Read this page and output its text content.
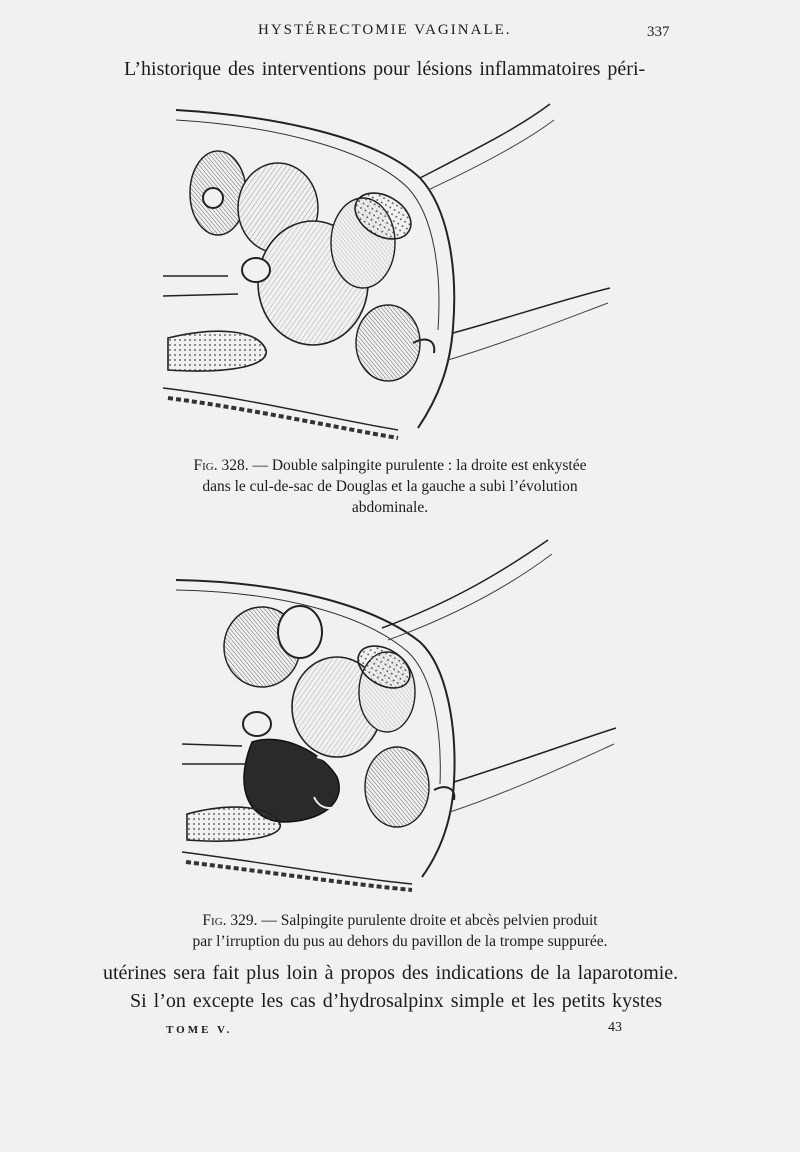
HYSTÉRECTOMIE VAGINALE.	337
L’historique des interventions pour lésions inflammatoires péri-
Fig. 328. — Double salpingite purulente : la droite est enkystée
dans le cul-de-sac de Douglas et la gauche a subi l’évolution
abdominale.
Fig. 329. — Salpingite purulente droite et abcès pelvien produit
par l’irruption du pus au dehors du pavillon de la trompe suppurée.
utérines sera fait plus loin à propos des indications de la laparotomie.
Si l’on excepte les cas d’hydrosalpinx simple et les petits kystes
TOME V.	43
